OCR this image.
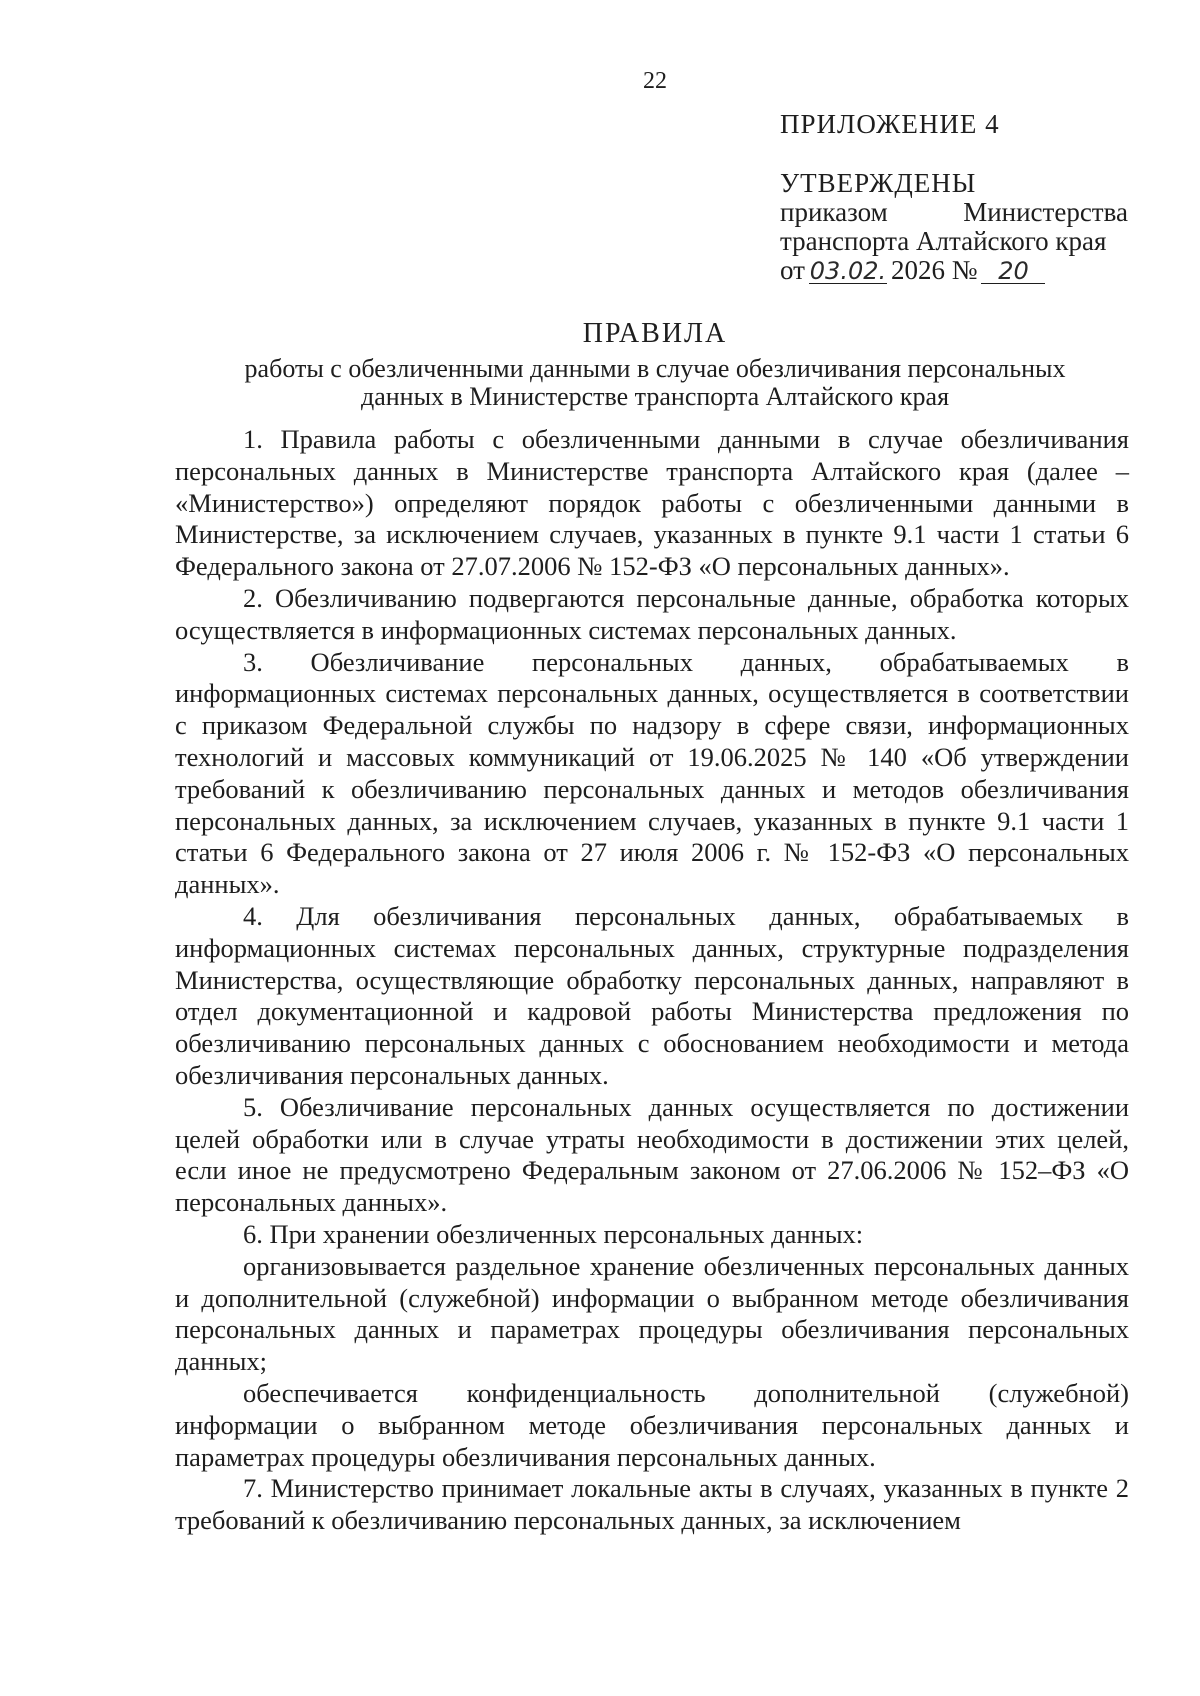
22
ПРИЛОЖЕНИЕ 4
УТВЕРЖДЕНЫ
приказом	Министерства
транспорта Алтайского края
от 03.02. 2026 № 20
ПРАВИЛА
работы с обезличенными данными в случае обезличивания персональных данных в Министерстве транспорта Алтайского края

1. Правила работы с обезличенными данными в случае обезличивания персональных данных в Министерстве транспорта Алтайского края (далее – «Министерство») определяют порядок работы с обезличенными данными в Министерстве, за исключением случаев, указанных в пункте 9.1 части 1 статьи 6 Федерального закона от 27.07.2006 № 152-ФЗ «О персональных данных».

2. Обезличиванию подвергаются персональные данные, обработка которых осуществляется в информационных системах персональных данных.

3. Обезличивание персональных данных, обрабатываемых в информационных системах персональных данных, осуществляется в соответствии с приказом Федеральной службы по надзору в сфере связи, информационных технологий и массовых коммуникаций от 19.06.2025 № 140 «Об утверждении требований к обезличиванию персональных данных и методов обезличивания персональных данных, за исключением случаев, указанных в пункте 9.1 части 1 статьи 6 Федерального закона от 27 июля 2006 г. № 152-ФЗ «О персональных данных».

4. Для обезличивания персональных данных, обрабатываемых в информационных системах персональных данных, структурные подразделения Министерства, осуществляющие обработку персональных данных, направляют в отдел документационной и кадровой работы Министерства предложения по обезличиванию персональных данных с обоснованием необходимости и метода обезличивания персональных данных.

5. Обезличивание персональных данных осуществляется по достижении целей обработки или в случае утраты необходимости в достижении этих целей, если иное не предусмотрено Федеральным законом от 27.06.2006 № 152–ФЗ «О персональных данных».

6. При хранении обезличенных персональных данных:

организовывается раздельное хранение обезличенных персональных данных и дополнительной (служебной) информации о выбранном методе обезличивания персональных данных и параметрах процедуры обезличивания персональных данных;

обеспечивается конфиденциальность дополнительной (служебной) информации о выбранном методе обезличивания персональных данных и параметрах процедуры обезличивания персональных данных.

7. Министерство принимает локальные акты в случаях, указанных в пункте 2 требований к обезличиванию персональных данных, за исключением
